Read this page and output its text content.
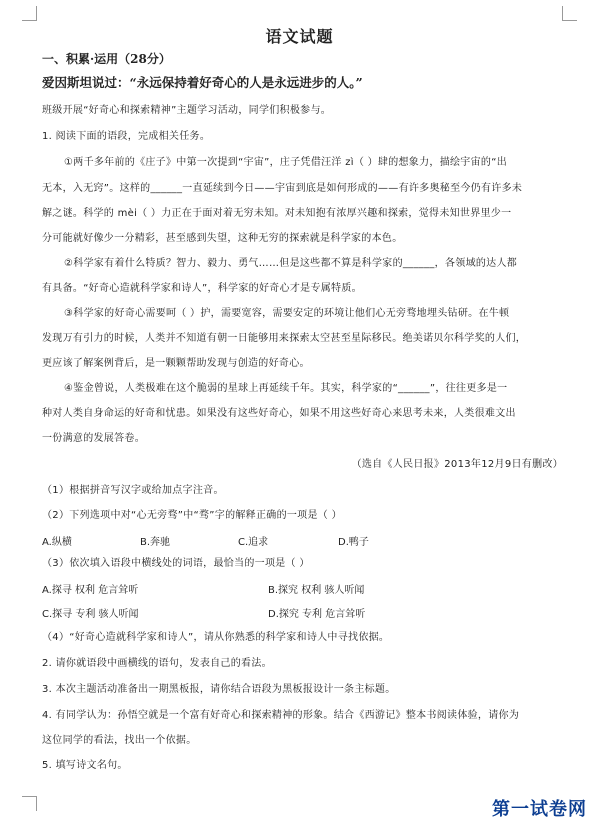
语文试题
一、积累·运用（28分）
爱因斯坦说过：“永远保持着好奇心的人是永远进步的人。”
班级开展“好奇心和探索精神”主题学习活动，同学们积极参与。
1. 阅读下面的语段，完成相关任务。
①两千多年前的《庄子》中第一次提到“宇宙”，庄子凭借汪洋 zì（ ）肆的想象力，描绘宇宙的“出
无本，入无窍”。这样的______一直延续到今日——宇宙到底是如何形成的——有许多奥秘至今仍有许多未
解之谜。科学的 mèi（ ）力正在于面对着无穷未知。对未知抱有浓厚兴趣和探索，觉得未知世界里少一
分可能就好像少一分精彩，甚至感到失望，这种无穷的探索就是科学家的本色。
②科学家有着什么特质？智力、毅力、勇气……但是这些都不算是科学家的______，各领域的达人都
有具备。“好奇心造就科学家和诗人”，科学家的好奇心才是专属特质。
③科学家的好奇心需要呵（ ）护，需要宽容，需要安定的环境让他们心无旁骛地埋头钻研。在牛顿
发现万有引力的时候，人类并不知道有朝一日能够用来探索太空甚至星际移民。绝美诺贝尔科学奖的人们，
更应该了解案例背后，是一颗颗帮助发现与创造的好奇心。
④鉴金曾说，人类极难在这个脆弱的星球上再延续千年。其实，科学家的“______”，往往更多是一
种对人类自身命运的好奇和忧患。如果没有这些好奇心，如果不用这些好奇心来思考未来，人类很难文出
一份满意的发展答卷。
（选自《人民日报》2013年12月9日有删改）
（1）根据拼音写汉字或给加点字注音。
（2）下列选项中对“心无旁骛”中“骛”字的解释正确的一项是（ ）
A.纵横	B.奔驰	C.追求	D.鸭子
（3）依次填入语段中横线处的词语，最恰当的一项是（ ）
A.探寻 权利 危言耸听	B.探究 权利 骇人听闻
C.探寻 专利 骇人听闻	D.探究 专利 危言耸听
（4）“好奇心造就科学家和诗人”，请从你熟悉的科学家和诗人中寻找依据。
2. 请你就语段中画横线的语句，发表自己的看法。
3. 本次主题活动准备出一期黑板报，请你结合语段为黑板报设计一条主标题。
4. 有同学认为：孙悟空就是一个富有好奇心和探索精神的形象。结合《西游记》整本书阅读体验，请你为
这位同学的看法，找出一个依据。
5. 填写诗文名句。
第一试卷网
